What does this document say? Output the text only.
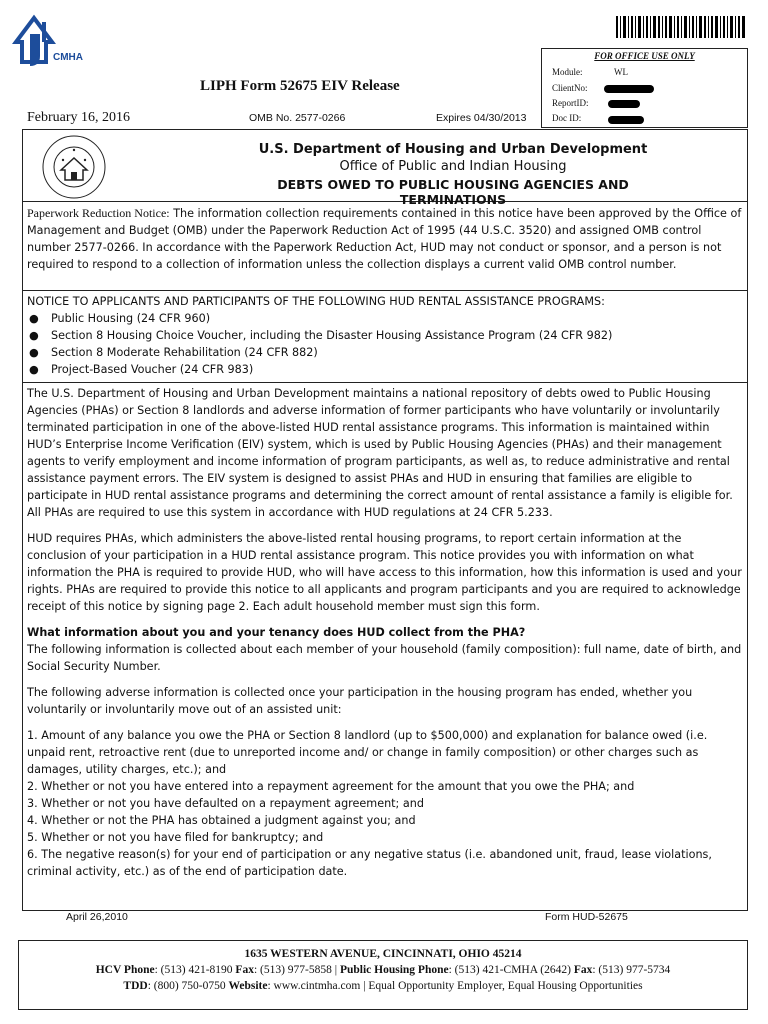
CMHA	FOR OFFICE USE ONLY
Module:	WL
ClientNo:
ReportID:
Doc ID:
LIPH Form 52675 EIV Release
February 16, 2016	OMB No. 2577-0266	Expires 04/30/2013
U.S. Department of Housing and Urban Development
Office of Public and Indian Housing
DEBTS OWED TO PUBLIC HOUSING AGENCIES AND TERMINATIONS
Paperwork Reduction Notice: The information collection requirements contained in this notice have been approved by the Office of Management and Budget (OMB) under the Paperwork Reduction Act of 1995 (44 U.S.C. 3520) and assigned OMB control number 2577-0266. In accordance with the Paperwork Reduction Act, HUD may not conduct or sponsor, and a person is not required to respond to a collection of information unless the collection displays a current valid OMB control number.
NOTICE TO APPLICANTS AND PARTICIPANTS OF THE FOLLOWING HUD RENTAL ASSISTANCE PROGRAMS:
● Public Housing (24 CFR 960)
● Section 8 Housing Choice Voucher, including the Disaster Housing Assistance Program (24 CFR 982)
● Section 8 Moderate Rehabilitation (24 CFR 882)
● Project-Based Voucher (24 CFR 983)

The U.S. Department of Housing and Urban Development maintains a national repository of debts owed to Public Housing Agencies (PHAs) or Section 8 landlords and adverse information of former participants who have voluntarily or involuntarily terminated participation in one of the above-listed HUD rental assistance programs. This information is maintained within HUD’s Enterprise Income Verification (EIV) system, which is used by Public Housing Agencies (PHAs) and their management agents to verify employment and income information of program participants, as well as, to reduce administrative and rental assistance payment errors. The EIV system is designed to assist PHAs and HUD in ensuring that families are eligible to participate in HUD rental assistance programs and determining the correct amount of rental assistance a family is eligible for. All PHAs are required to use this system in accordance with HUD regulations at 24 CFR 5.233.

HUD requires PHAs, which administers the above-listed rental housing programs, to report certain information at the conclusion of your participation in a HUD rental assistance program. This notice provides you with information on what information the PHA is required to provide HUD, who will have access to this information, how this information is used and your rights. PHAs are required to provide this notice to all applicants and program participants and you are required to acknowledge receipt of this notice by signing page 2. Each adult household member must sign this form.

What information about you and your tenancy does HUD collect from the PHA?
The following information is collected about each member of your household (family composition): full name, date of birth, and Social Security Number.

The following adverse information is collected once your participation in the housing program has ended, whether you voluntarily or involuntarily move out of an assisted unit:

1. Amount of any balance you owe the PHA or Section 8 landlord (up to $500,000) and explanation for balance owed (i.e. unpaid rent, retroactive rent (due to unreported income and/ or change in family composition) or other charges such as damages, utility charges, etc.); and
2. Whether or not you have entered into a repayment agreement for the amount that you owe the PHA; and
3. Whether or not you have defaulted on a repayment agreement; and
4. Whether or not the PHA has obtained a judgment against you; and
5. Whether or not you have filed for bankruptcy; and
6. The negative reason(s) for your end of participation or any negative status (i.e. abandoned unit, fraud, lease violations, criminal activity, etc.) as of the end of participation date.
April 26,2010	Form HUD-52675
1635 WESTERN AVENUE, CINCINNATI, OHIO 45214
HCV Phone: (513) 421-8190 Fax: (513) 977-5858 | Public Housing Phone: (513) 421-CMHA (2642) Fax: (513) 977-5734
TDD: (800) 750-0750 Website: www.cintmha.com | Equal Opportunity Employer, Equal Housing Opportunities
